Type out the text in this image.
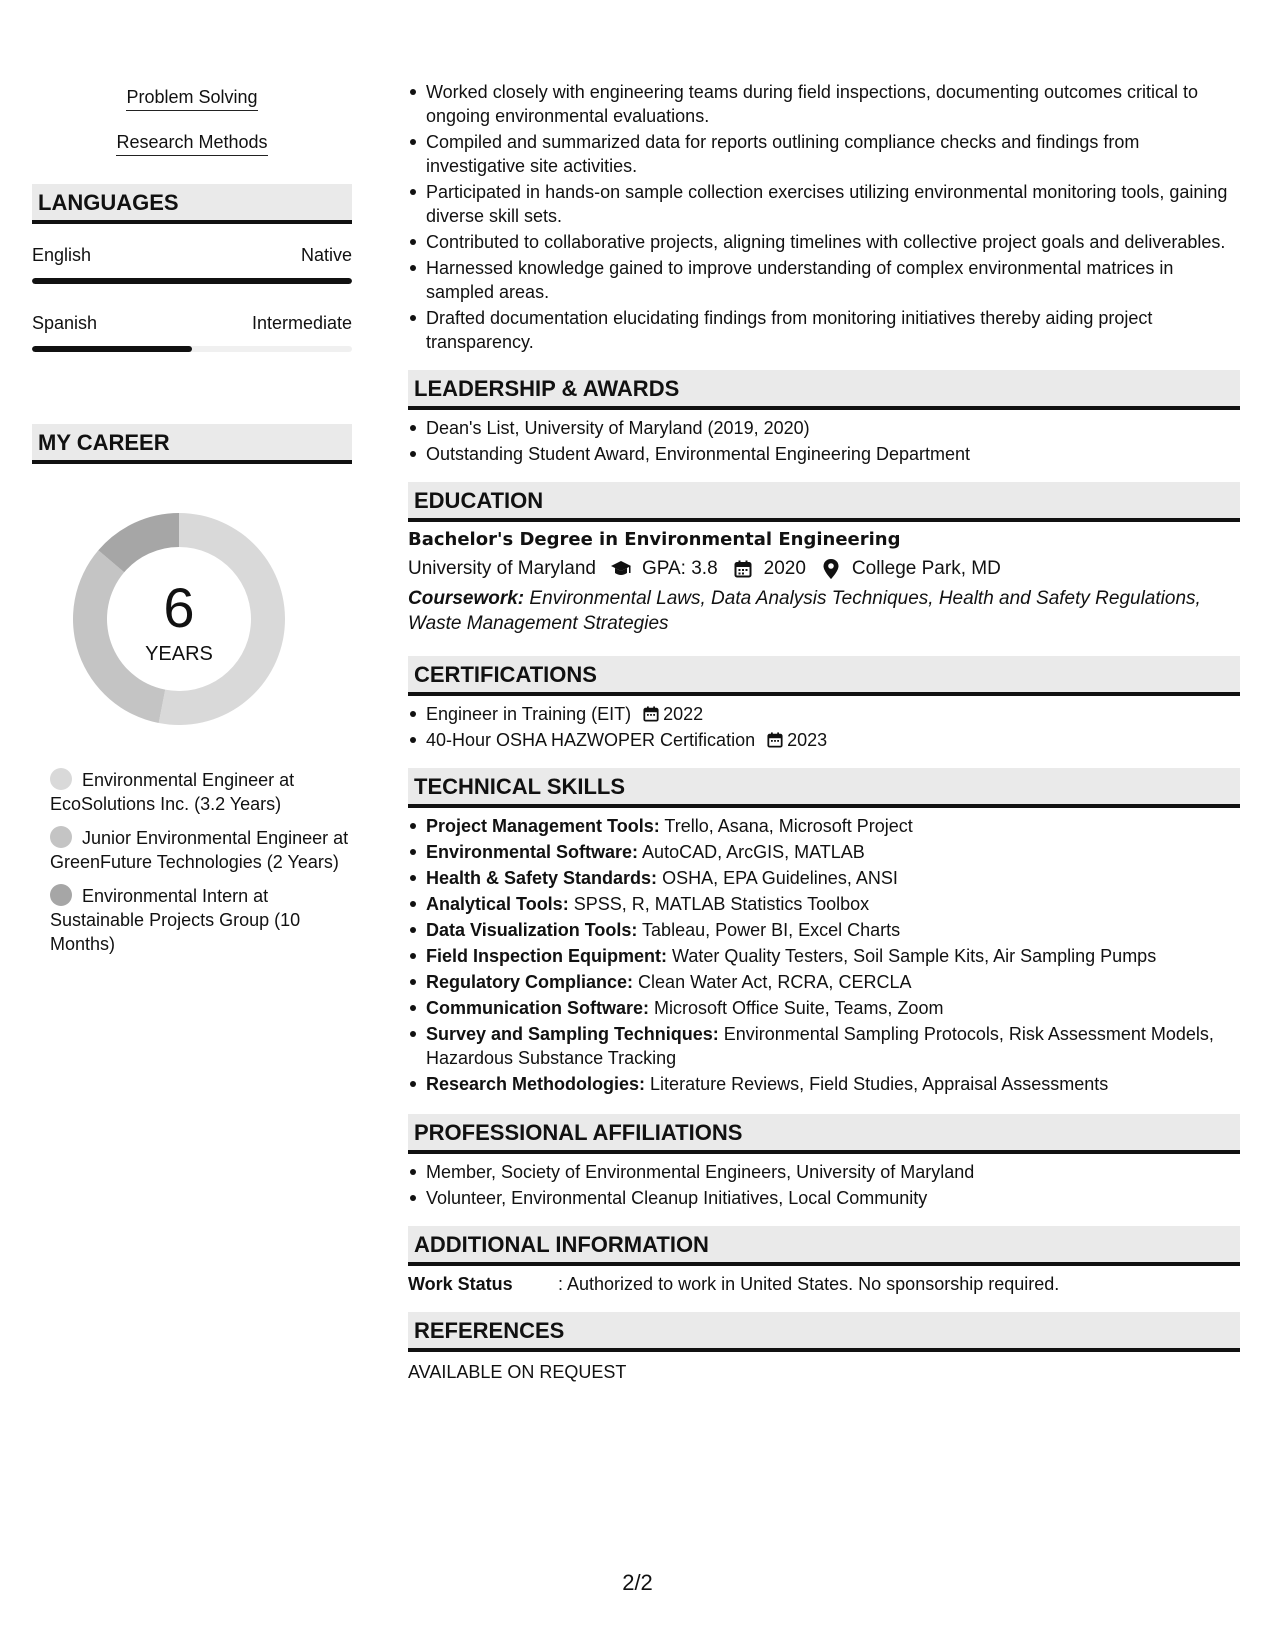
Problem Solving
Research Methods
LANGUAGES
English	Native
Spanish	Intermediate
MY CAREER
6
YEARS
Environmental Engineer at EcoSolutions Inc. (3.2 Years)
Junior Environmental Engineer at GreenFuture Technologies (2 Years)
Environmental Intern at Sustainable Projects Group (10 Months)
Worked closely with engineering teams during field inspections, documenting outcomes critical to ongoing environmental evaluations.
Compiled and summarized data for reports outlining compliance checks and findings from investigative site activities.
Participated in hands-on sample collection exercises utilizing environmental monitoring tools, gaining diverse skill sets.
Contributed to collaborative projects, aligning timelines with collective project goals and deliverables.
Harnessed knowledge gained to improve understanding of complex environmental matrices in sampled areas.
Drafted documentation elucidating findings from monitoring initiatives thereby aiding project transparency.
LEADERSHIP & AWARDS
Dean's List, University of Maryland (2019, 2020)
Outstanding Student Award, Environmental Engineering Department
EDUCATION
Bachelor's Degree in Environmental Engineering
University of Maryland GPA: 3.8 2020 College Park, MD
Coursework: Environmental Laws, Data Analysis Techniques, Health and Safety Regulations, Waste Management Strategies
CERTIFICATIONS
Engineer in Training (EIT) 2022
40-Hour OSHA HAZWOPER Certification 2023
TECHNICAL SKILLS
Project Management Tools: Trello, Asana, Microsoft Project
Environmental Software: AutoCAD, ArcGIS, MATLAB
Health & Safety Standards: OSHA, EPA Guidelines, ANSI
Analytical Tools: SPSS, R, MATLAB Statistics Toolbox
Data Visualization Tools: Tableau, Power BI, Excel Charts
Field Inspection Equipment: Water Quality Testers, Soil Sample Kits, Air Sampling Pumps
Regulatory Compliance: Clean Water Act, RCRA, CERCLA
Communication Software: Microsoft Office Suite, Teams, Zoom
Survey and Sampling Techniques: Environmental Sampling Protocols, Risk Assessment Models, Hazardous Substance Tracking
Research Methodologies: Literature Reviews, Field Studies, Appraisal Assessments
PROFESSIONAL AFFILIATIONS
Member, Society of Environmental Engineers, University of Maryland
Volunteer, Environmental Cleanup Initiatives, Local Community
ADDITIONAL INFORMATION
Work Status	: Authorized to work in United States. No sponsorship required.
REFERENCES
AVAILABLE ON REQUEST
2/2
